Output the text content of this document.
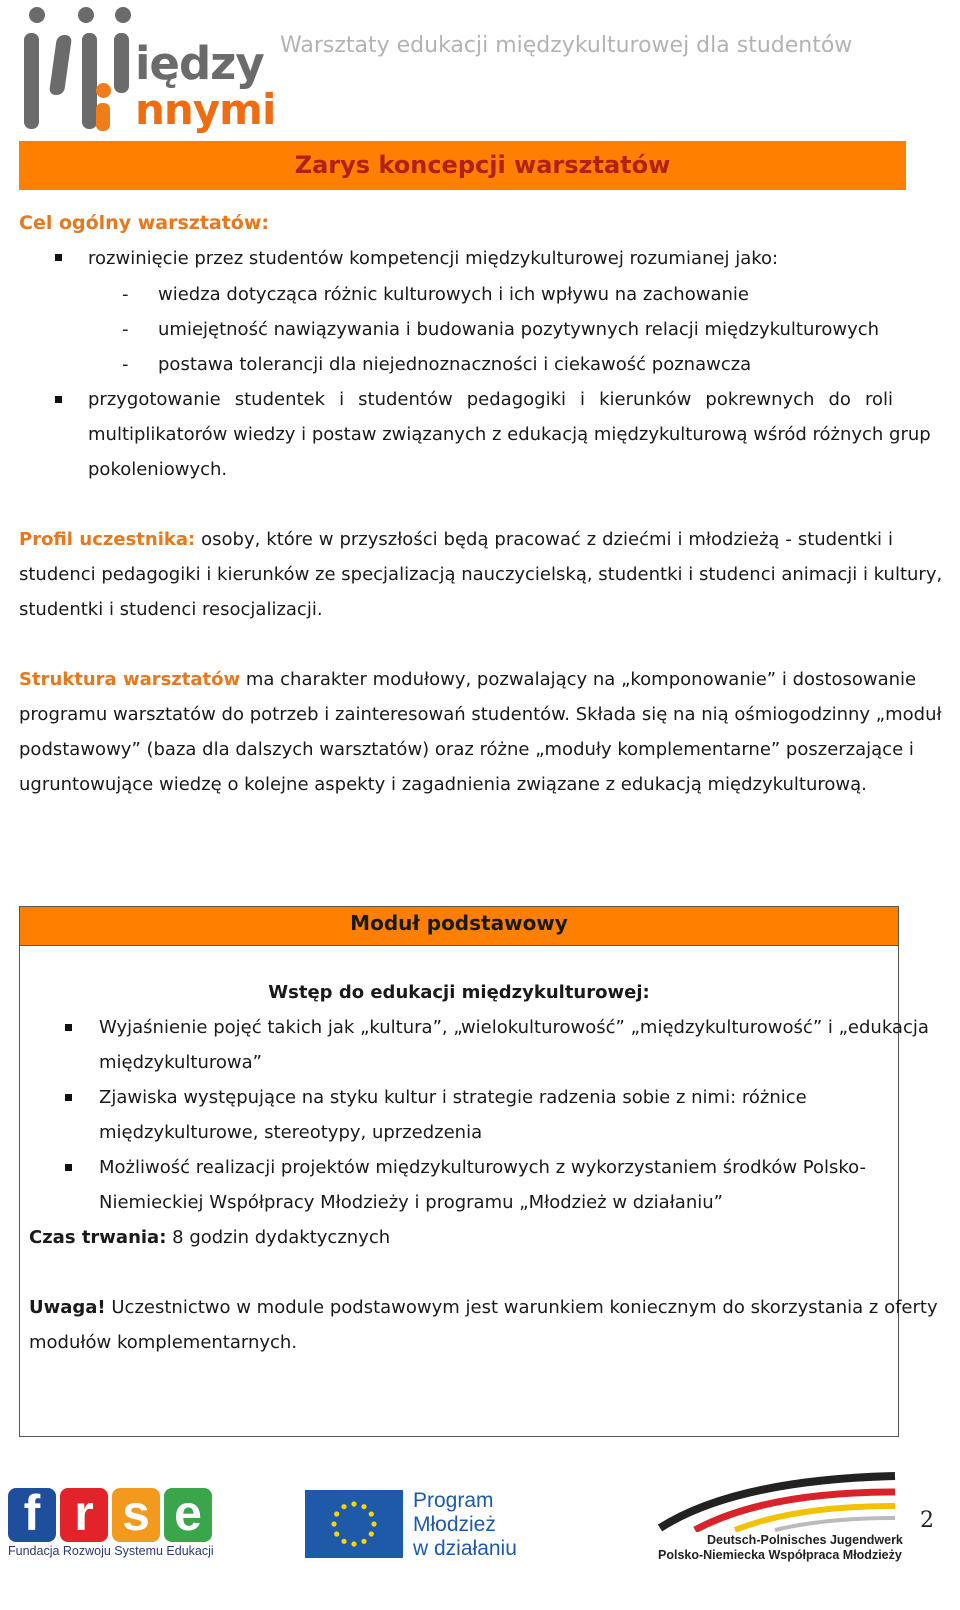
iędzy
nnymi
Warsztaty edukacji międzykulturowej dla studentów
Zarys koncepcji warsztatów
Cel ogólny warsztatów:
rozwinięcie przez studentów kompetencji międzykulturowej rozumianej jako:
- wiedza dotycząca różnic kulturowych i ich wpływu na zachowanie
- umiejętność nawiązywania i budowania pozytywnych relacji międzykulturowych
- postawa tolerancji dla niejednoznaczności i ciekawość poznawcza
przygotowanie studentek i studentów pedagogiki i kierunków pokrewnych do roli
multiplikatorów wiedzy i postaw związanych z edukacją międzykulturową wśród różnych grup
pokoleniowych.
Profil uczestnika: osoby, które w przyszłości będą pracować z dziećmi i młodzieżą - studentki i
studenci pedagogiki i kierunków ze specjalizacją nauczycielską, studentki i studenci animacji i kultury,
studentki i studenci resocjalizacji.
Struktura warsztatów ma charakter modułowy, pozwalający na „komponowanie” i dostosowanie
programu warsztatów do potrzeb i zainteresowań studentów. Składa się na nią ośmiogodzinny „moduł
podstawowy” (baza dla dalszych warsztatów) oraz różne „moduły komplementarne” poszerzające i
ugruntowujące wiedzę o kolejne aspekty i zagadnienia związane z edukacją międzykulturową.
Moduł podstawowy
Wstęp do edukacji międzykulturowej:
Wyjaśnienie pojęć takich jak „kultura”, „wielokulturowość” „międzykulturowość” i „edukacja
międzykulturowa”
Zjawiska występujące na styku kultur i strategie radzenia sobie z nimi: różnice
międzykulturowe, stereotypy, uprzedzenia
Możliwość realizacji projektów międzykulturowych z wykorzystaniem środków Polsko-
Niemieckiej Współpracy Młodzieży i programu „Młodzież w działaniu”
Czas trwania: 8 godzin dydaktycznych
Uwaga! Uczestnictwo w module podstawowym jest warunkiem koniecznym do skorzystania z oferty
modułów komplementarnych.
f r s e
Fundacja Rozwoju Systemu Edukacji
Program
Młodzież
w działaniu	Deutsch-Polnisches Jugendwerk
Polsko-Niemiecka Współpraca Młodzieży
2
